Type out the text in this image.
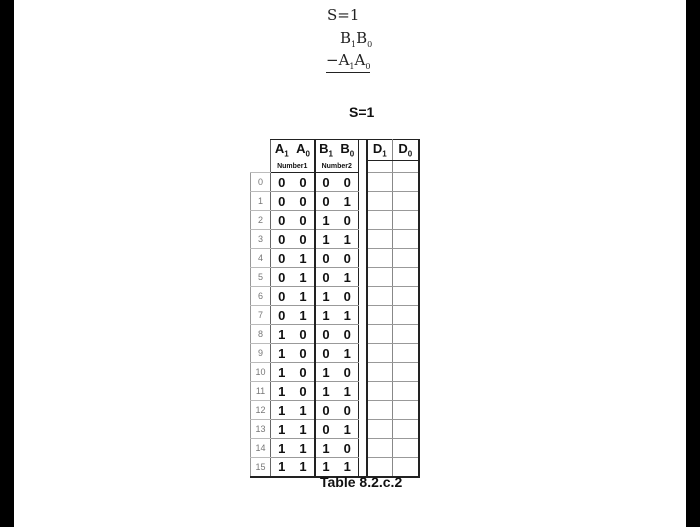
S=1
$B_1B_0$
$-A_1A_0$
S=1
	$A_1$	$A_0$	$B_1$	$B_0$		$D_1$	$D_0$
	Number1		Number2				
0	0	0	0	0			
1	0	0	0	1			
2	0	0	1	0			
3	0	0	1	1			
4	0	1	0	0			
5	0	1	0	1			
6	0	1	1	0			
7	0	1	1	1			
8	1	0	0	0			
9	1	0	0	1			
10	1	0	1	0			
11	1	0	1	1			
12	1	1	0	0			
13	1	1	0	1			
14	1	1	1	0			
15	1	1	1	1			
Table 8.2.c.2
